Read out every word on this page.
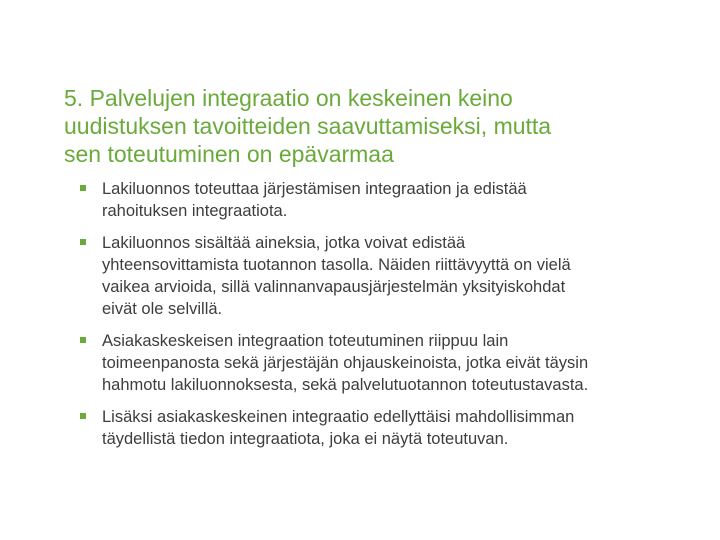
5. Palvelujen integraatio on keskeinen keino
uudistuksen tavoitteiden saavuttamiseksi, mutta
sen toteutuminen on epävarmaa
Lakiluonnos toteuttaa järjestämisen integraation ja edistää
rahoituksen integraatiota.
Lakiluonnos sisältää aineksia, jotka voivat edistää
yhteensovittamista tuotannon tasolla. Näiden riittävyyttä on vielä
vaikea arvioida, sillä valinnanvapausjärjestelmän yksityiskohdat
eivät ole selvillä.
Asiakaskeskeisen integraation toteutuminen riippuu lain
toimeenpanosta sekä järjestäjän ohjauskeinoista, jotka eivät täysin
hahmotu lakiluonnoksesta, sekä palvelutuotannon toteutustavasta.
Lisäksi asiakaskeskeinen integraatio edellyttäisi mahdollisimman
täydellistä tiedon integraatiota, joka ei näytä toteutuvan.
